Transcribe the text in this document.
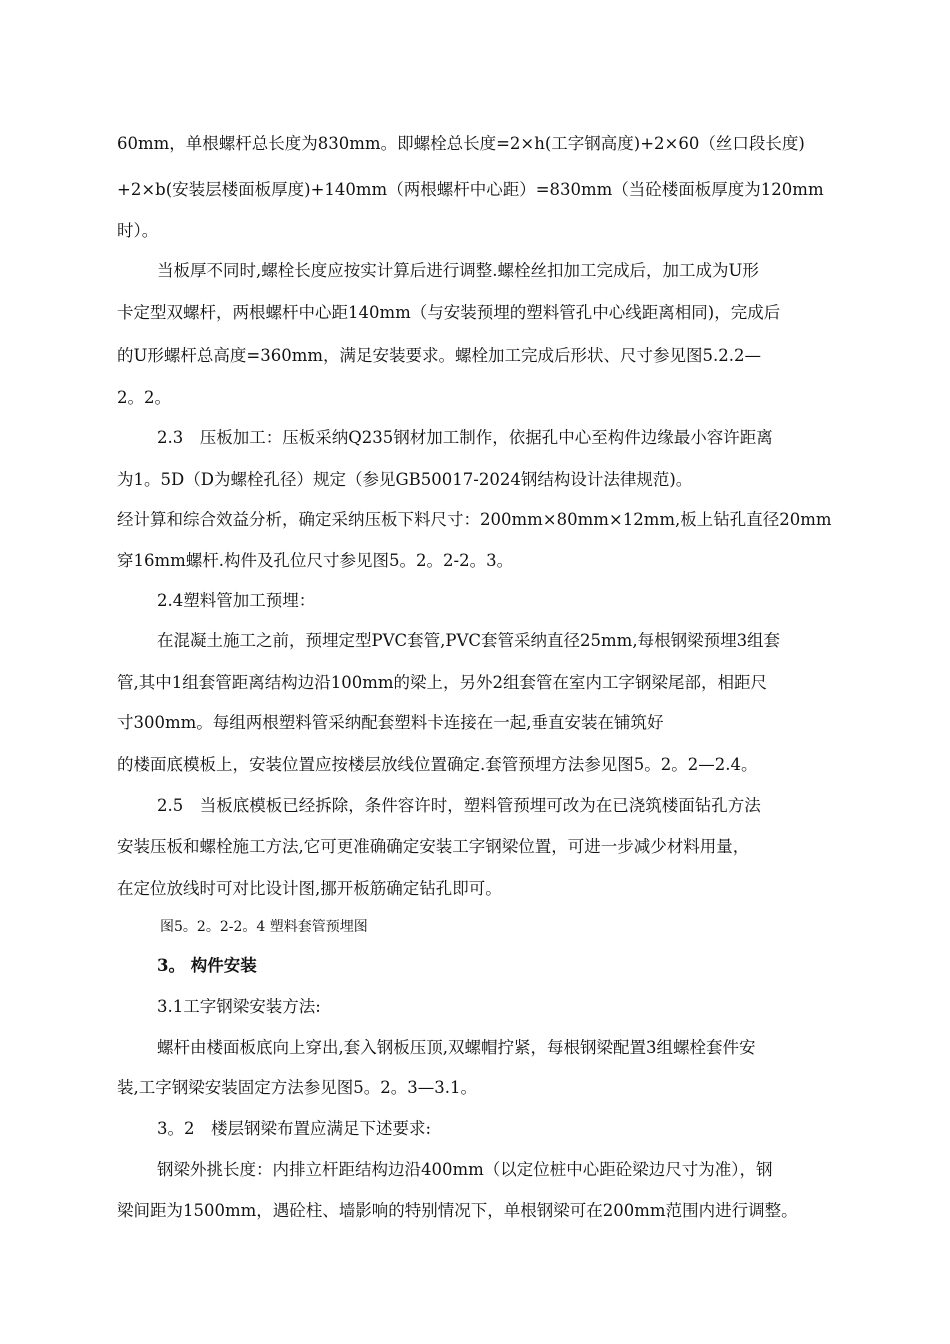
60mm，单根螺杆总长度为830mm。即螺栓总长度=2×h(工字钢高度)+2×60（丝口段长度)
+2×b(安装层楼面板厚度)+140mm（两根螺杆中心距）=830mm（当砼楼面板厚度为120mm
时）。
当板厚不同时,螺栓长度应按实计算后进行调整.螺栓丝扣加工完成后，加工成为U形
卡定型双螺杆，两根螺杆中心距140mm（与安装预埋的塑料管孔中心线距离相同)，完成后
的U形螺杆总高度=360mm，满足安装要求。螺栓加工完成后形状、尺寸参见图5.2.2—
2。2。
2.3　压板加工：压板采纳Q235钢材加工制作，依据孔中心至构件边缘最小容许距离
为1。5D（D为螺栓孔径）规定（参见GB50017-2024钢结构设计法律规范)。
经计算和综合效益分析，确定采纳压板下料尺寸：200mm×80mm×12mm,板上钻孔直径20mm
穿16mm螺杆.构件及孔位尺寸参见图5。2。2-2。3。
2.4塑料管加工预埋：
在混凝土施工之前，预埋定型PVC套管,PVC套管采纳直径25mm,每根钢梁预埋3组套
管,其中1组套管距离结构边沿100mm的梁上，另外2组套管在室内工字钢梁尾部，相距尺
寸300mm。每组两根塑料管采纳配套塑料卡连接在一起,垂直安装在铺筑好
的楼面底模板上，安装位置应按楼层放线位置确定.套管预埋方法参见图5。2。2—2.4。
2.5　当板底模板已经拆除，条件容许时，塑料管预埋可改为在已浇筑楼面钻孔方法
安装压板和螺栓施工方法,它可更准确确定安装工字钢梁位置，可进一步减少材料用量，
在定位放线时可对比设计图,挪开板筋确定钻孔即可。
图5。2。2-2。4 塑料套管预埋图
3。 构件安装
3.1工字钢梁安装方法:
螺杆由楼面板底向上穿出,套入钢板压顶,双螺帽拧紧，每根钢梁配置3组螺栓套件安
装,工字钢梁安装固定方法参见图5。2。3—3.1。
3。2　楼层钢梁布置应满足下述要求:
钢梁外挑长度：内排立杆距结构边沿400mm（以定位桩中心距砼梁边尺寸为准），钢
梁间距为1500mm，遇砼柱、墙影响的特别情况下，单根钢梁可在200mm范围内进行调整。
